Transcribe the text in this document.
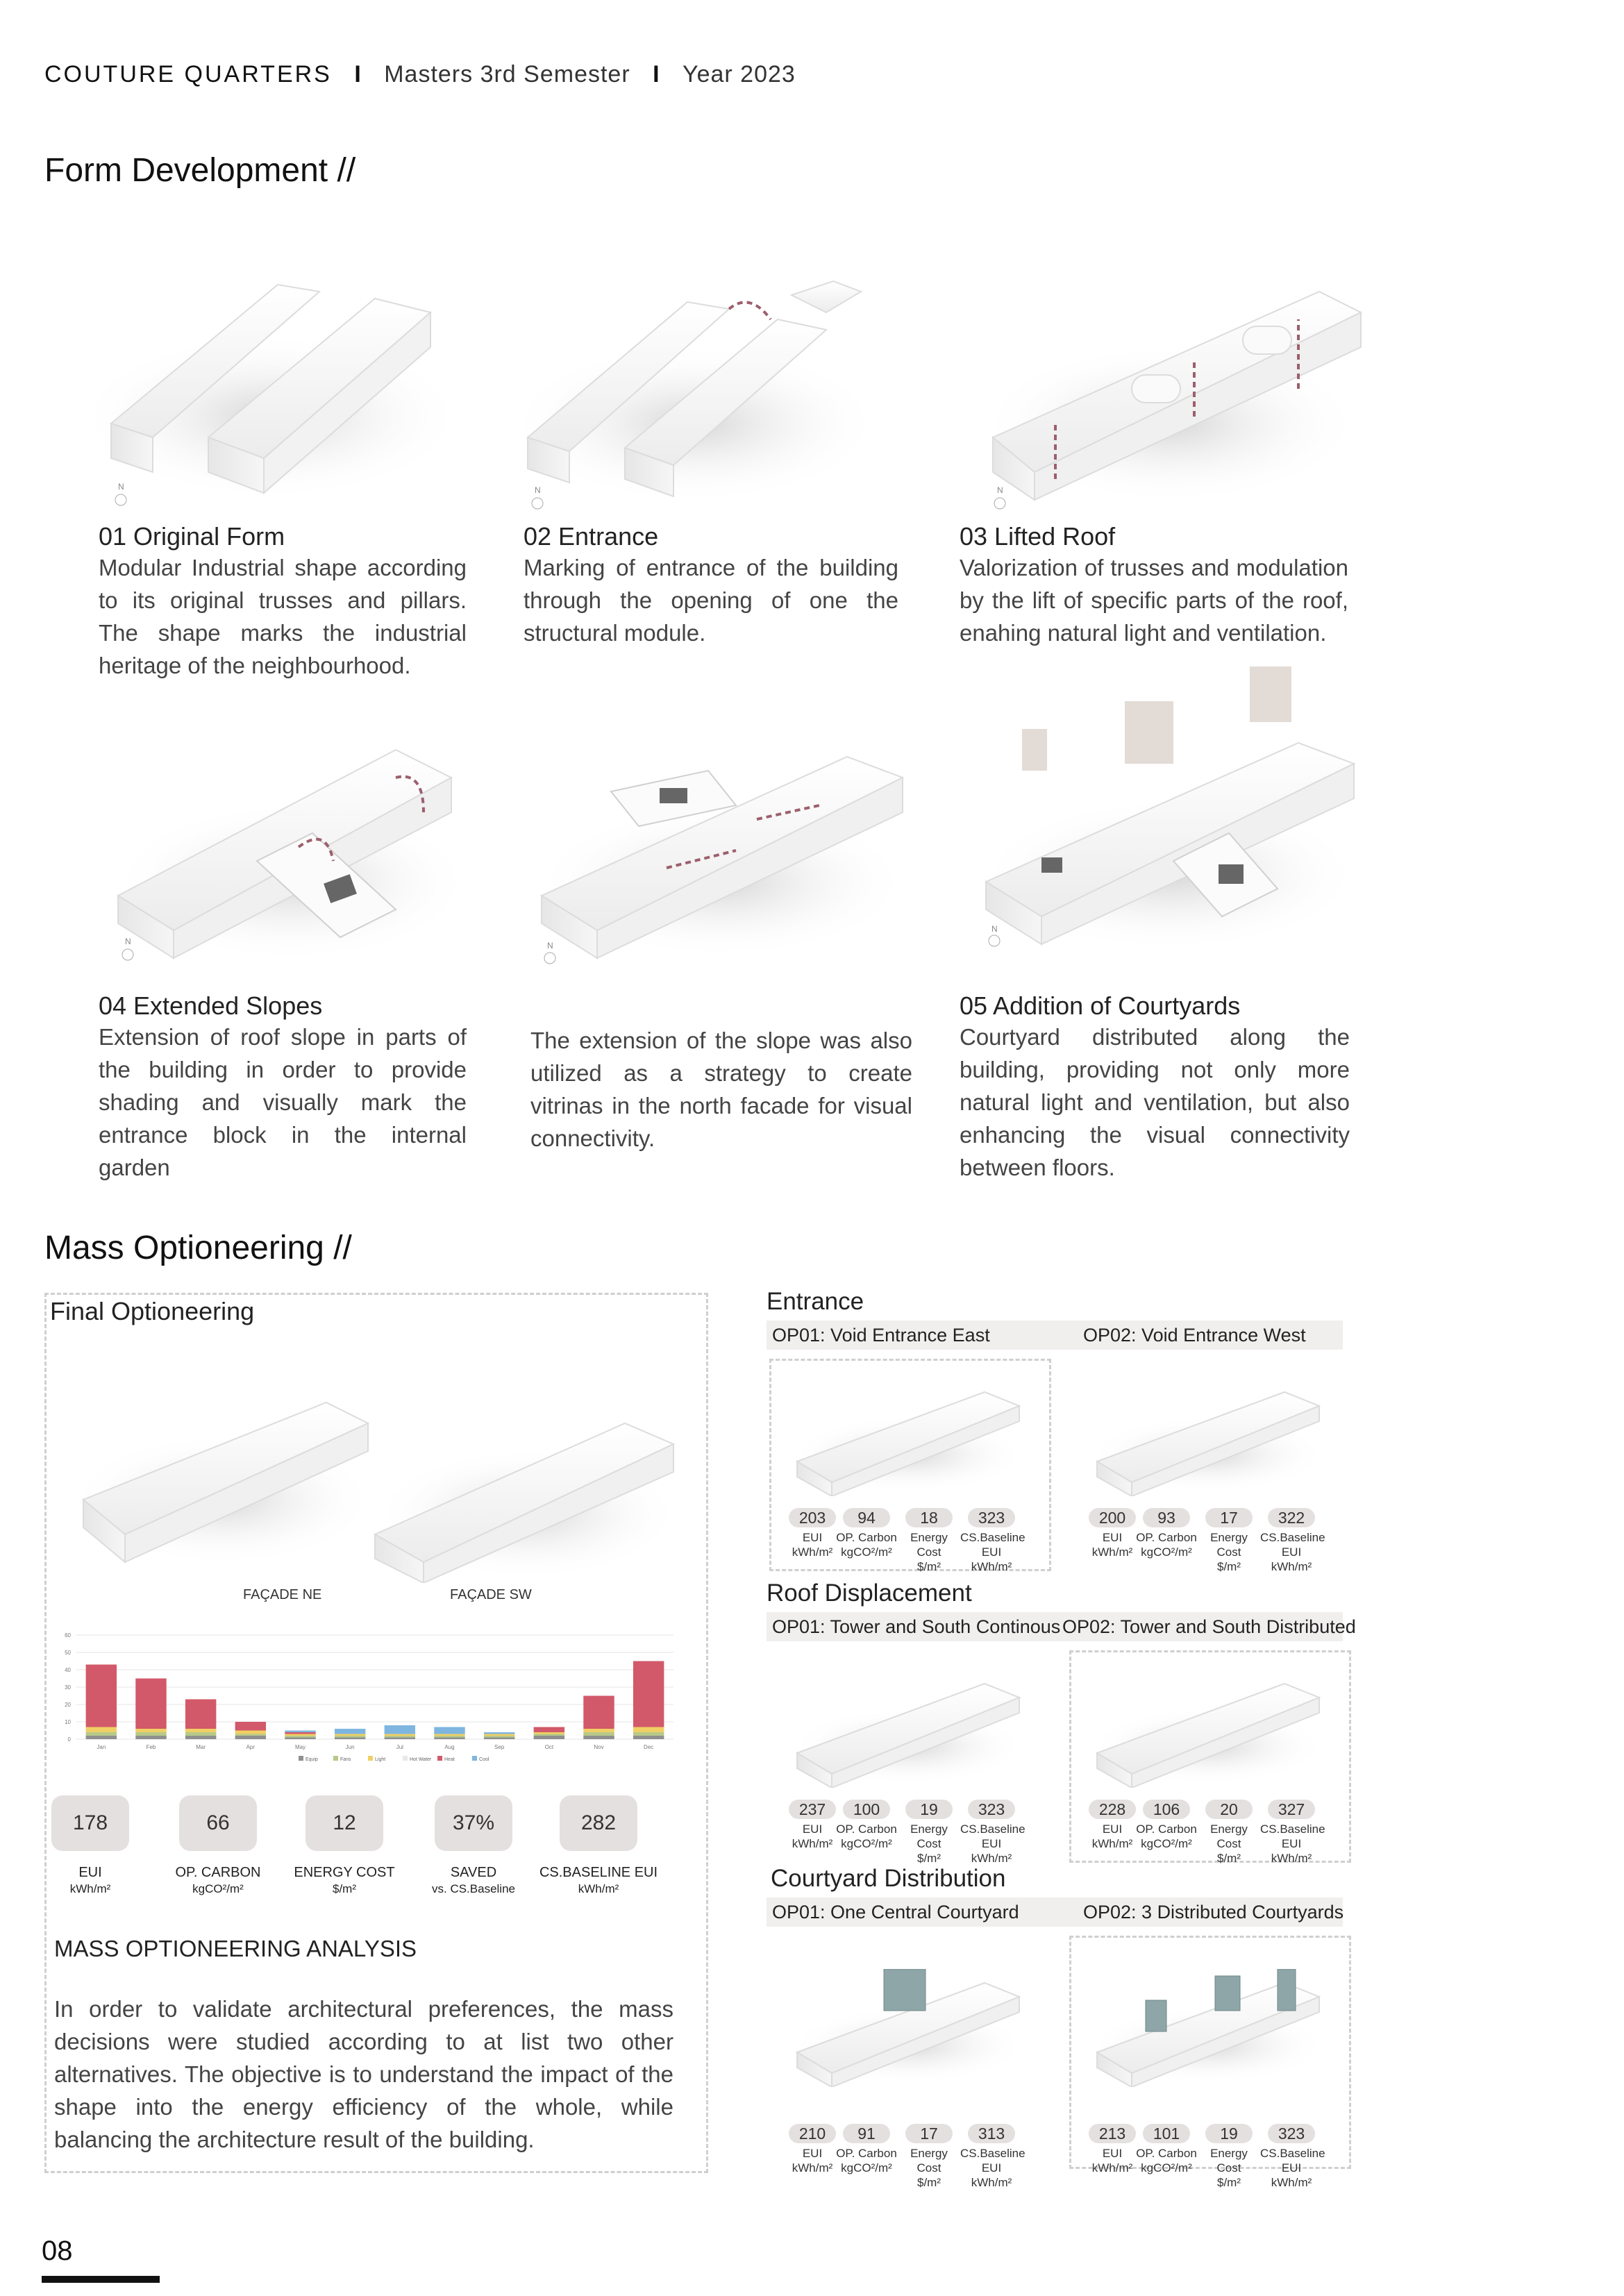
COUTURE QUARTERS I Masters 3rd Semester I Year 2023
Form Development //
N	N	N
01 Original Form
Modular Industrial shape according to its original trusses and pillars. The shape marks the industrial heritage of the neighbourhood.
02 Entrance
Marking of entrance of the building through the opening of one the structural module.
03 Lifted Roof
Valorization of trusses and modulation by the lift of specific parts of the roof, enahing natural light and ventilation.
N	N
N
04 Extended Slopes
Extension of roof slope in parts of the building in order to provide shading and visually mark the entrance block in the internal garden
The extension of the slope was also utilized as a strategy to create vitrinas in the north facade for visual connectivity.
05 Addition of Courtyards
Courtyard distributed along the building, providing not only more natural light and ventilation, but also enhancing the visual connectivity between floors.
Mass Optioneering //
Final Optioneering
FAÇADE NE	FAÇADE SW
Jan	Feb	Mar	Apr	May	Jun	Jul	Aug	Sep	Oct	Nov	Dec
0
10
20
30
40
50
60
Equip	Fans	Light	Hot Water	Heat	Cool
178
EUI
kWh/m²
66
OP. CARBON
kgCO²/m²
12
ENERGY COST
$/m²
37%
SAVED
vs. CS.Baseline
282
CS.BASELINE EUI
kWh/m²
MASS OPTIONEERING ANALYSIS
In order to validate architectural preferences, the mass decisions were studied according to at list two other alternatives. The objective is to understand the impact of the shape into the energy efficiency of the whole, while balancing the architecture result of the building.
Entrance
OP01: Void Entrance East
203
EUI
kWh/m²
94
OP. Carbon
kgCO²/m²
18
Energy Cost
$/m²
323
CS.Baseline
EUI kWh/m²
OP02: Void Entrance West
200
EUI
kWh/m²
93
OP. Carbon
kgCO²/m²
17
Energy Cost
$/m²
322
CS.Baseline
EUI kWh/m²
Roof Displacement
OP01: Tower and South Continous
237
EUI
kWh/m²
100
OP. Carbon
kgCO²/m²
19
Energy Cost
$/m²
323
CS.Baseline
EUI kWh/m²
OP02: Tower and South Distributed
228
EUI
kWh/m²
106
OP. Carbon
kgCO²/m²
20
Energy Cost
$/m²
327
CS.Baseline
EUI kWh/m²
Courtyard Distribution
OP01: One Central Courtyard
210
EUI
kWh/m²
91
OP. Carbon
kgCO²/m²
17
Energy Cost
$/m²
313
CS.Baseline
EUI kWh/m²
OP02: 3 Distributed Courtyards
213
EUI
kWh/m²
101
OP. Carbon
kgCO²/m²
19
Energy Cost
$/m²
323
CS.Baseline
EUI kWh/m²
08
